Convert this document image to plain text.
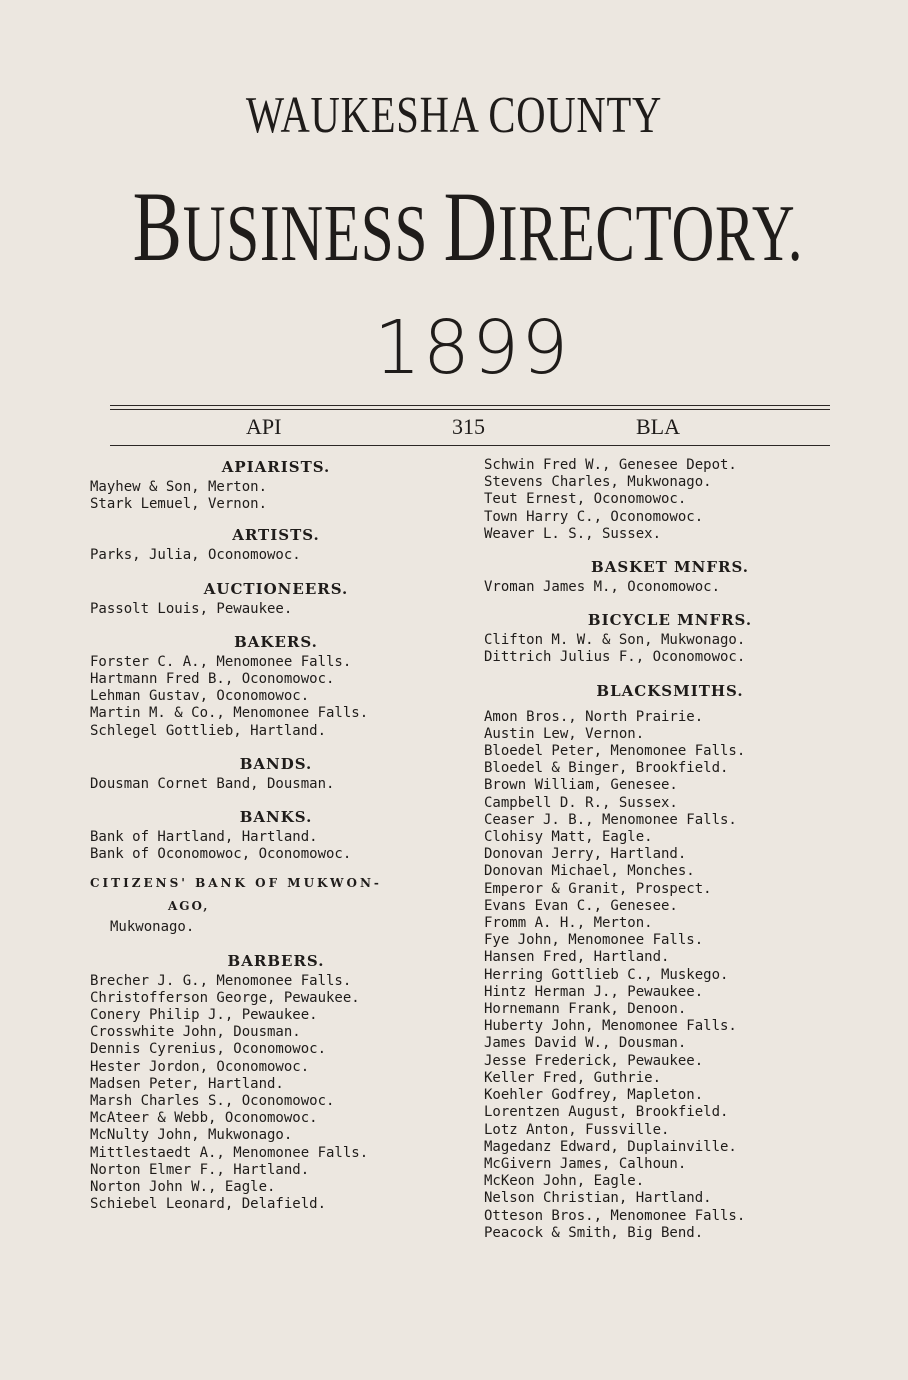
WAUKESHA COUNTY
BUSINESS DIRECTORY.
1899
API	315	BLA

APIARISTS.

Mayhew & Son, Merton.

Stark Lemuel, Vernon.

ARTISTS.

Parks, Julia, Oconomowoc.

AUCTIONEERS.

Passolt Louis, Pewaukee.

BAKERS.

Forster C. A., Menomonee Falls.

Hartmann Fred B., Oconomowoc.

Lehman Gustav, Oconomowoc.

Martin M. & Co., Menomonee Falls.

Schlegel Gottlieb, Hartland.

BANDS.

Dousman Cornet Band, Dousman.

BANKS.

Bank of Hartland, Hartland.

Bank of Oconomowoc, Oconomowoc.

CITIZENS' BANK OF MUKWON-

AGO,

Mukwonago.

BARBERS.

Brecher J. G., Menomonee Falls.

Christofferson George, Pewaukee.

Conery Philip J., Pewaukee.

Crosswhite John, Dousman.

Dennis Cyrenius, Oconomowoc.

Hester Jordon, Oconomowoc.

Madsen Peter, Hartland.

Marsh Charles S., Oconomowoc.

McAteer & Webb, Oconomowoc.

McNulty John, Mukwonago.

Mittlestaedt A., Menomonee Falls.

Norton Elmer F., Hartland.

Norton John W., Eagle.

Schiebel Leonard, Delafield.

Schwin Fred W., Genesee Depot.

Stevens Charles, Mukwonago.

Teut Ernest, Oconomowoc.

Town Harry C., Oconomowoc.

Weaver L. S., Sussex.

BASKET MNFRS.

Vroman James M., Oconomowoc.

BICYCLE MNFRS.

Clifton M. W. & Son, Mukwonago.

Dittrich Julius F., Oconomowoc.

BLACKSMITHS.

Amon Bros., North Prairie.

Austin Lew, Vernon.

Bloedel Peter, Menomonee Falls.

Bloedel & Binger, Brookfield.

Brown William, Genesee.

Campbell D. R., Sussex.

Ceaser J. B., Menomonee Falls.

Clohisy Matt, Eagle.

Donovan Jerry, Hartland.

Donovan Michael, Monches.

Emperor & Granit, Prospect.

Evans Evan C., Genesee.

Fromm A. H., Merton.

Fye John, Menomonee Falls.

Hansen Fred, Hartland.

Herring Gottlieb C., Muskego.

Hintz Herman J., Pewaukee.

Hornemann Frank, Denoon.

Huberty John, Menomonee Falls.

James David W., Dousman.

Jesse Frederick, Pewaukee.

Keller Fred, Guthrie.

Koehler Godfrey, Mapleton.

Lorentzen August, Brookfield.

Lotz Anton, Fussville.

Magedanz Edward, Duplainville.

McGivern James, Calhoun.

McKeon John, Eagle.

Nelson Christian, Hartland.

Otteson Bros., Menomonee Falls.

Peacock & Smith, Big Bend.
